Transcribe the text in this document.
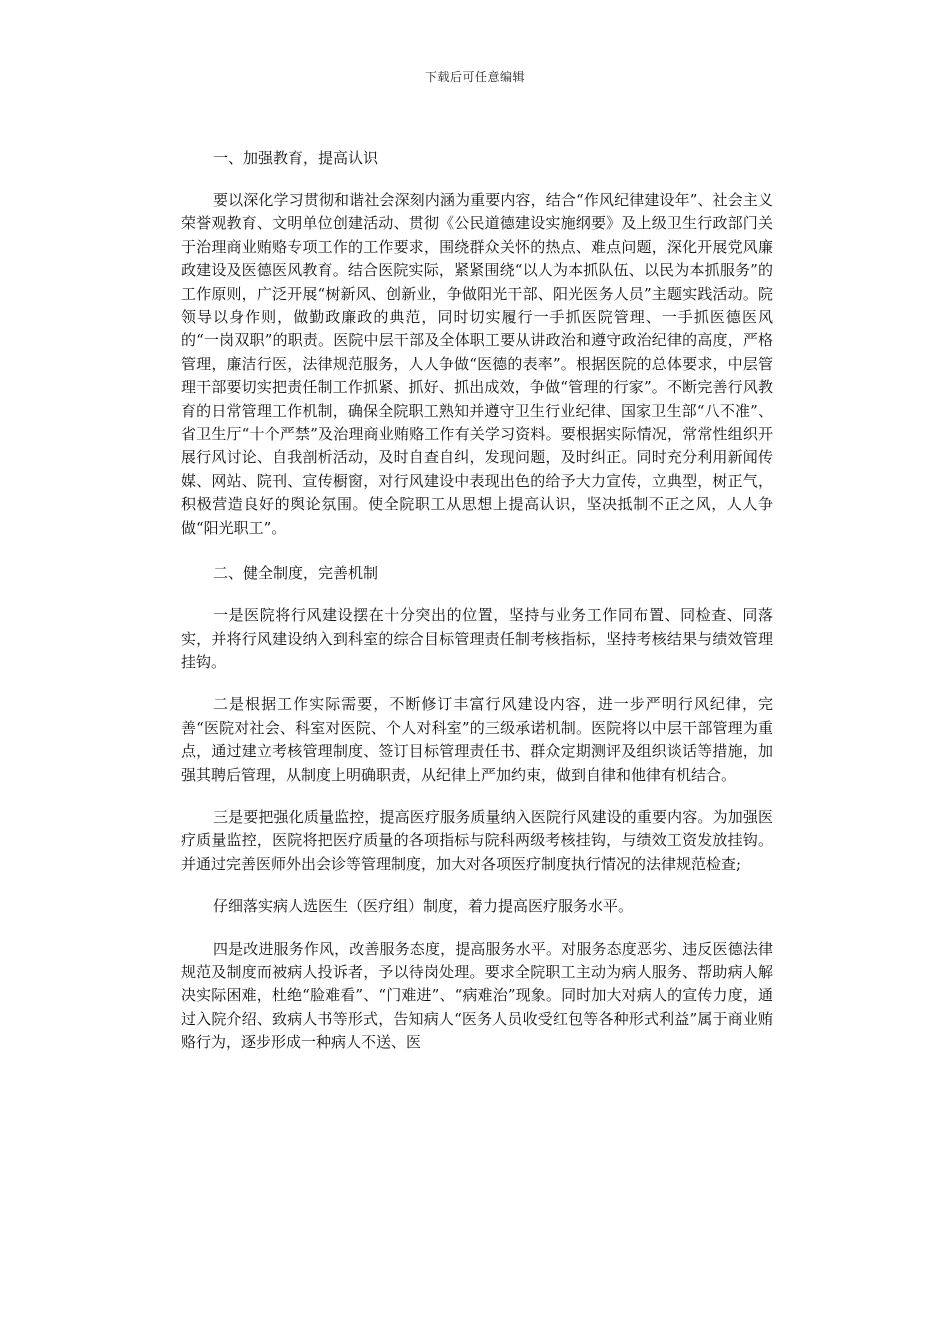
下载后可任意编辑

一、加强教育，提高认识

要以深化学习贯彻和谐社会深刻内涵为重要内容，结合“作风纪律建设年”、社会主义荣誉观教育、文明单位创建活动、贯彻《公民道德建设实施纲要》及上级卫生行政部门关于治理商业贿赂专项工作的工作要求，围绕群众关怀的热点、难点问题，深化开展党风廉政建设及医德医风教育。结合医院实际，紧紧围绕“以人为本抓队伍、以民为本抓服务”的工作原则，广泛开展“树新风、创新业，争做阳光干部、阳光医务人员”主题实践活动。院领导以身作则，做勤政廉政的典范，同时切实履行一手抓医院管理、一手抓医德医风的“一岗双职”的职责。医院中层干部及全体职工要从讲政治和遵守政治纪律的高度，严格管理，廉洁行医，法律规范服务，人人争做“医德的表率”。根据医院的总体要求，中层管理干部要切实把责任制工作抓紧、抓好、抓出成效，争做“管理的行家”。不断完善行风教育的日常管理工作机制，确保全院职工熟知并遵守卫生行业纪律、国家卫生部“八不准”、省卫生厅“十个严禁”及治理商业贿赂工作有关学习资料。要根据实际情况，常常性组织开展行风讨论、自我剖析活动，及时自查自纠，发现问题，及时纠正。同时充分利用新闻传媒、网站、院刊、宣传橱窗，对行风建设中表现出色的给予大力宣传，立典型，树正气，积极营造良好的舆论氛围。使全院职工从思想上提高认识，坚决抵制不正之风，人人争做“阳光职工”。

二、健全制度，完善机制

一是医院将行风建设摆在十分突出的位置，坚持与业务工作同布置、同检查、同落实，并将行风建设纳入到科室的综合目标管理责任制考核指标，坚持考核结果与绩效管理挂钩。

二是根据工作实际需要，不断修订丰富行风建设内容，进一步严明行风纪律，完善“医院对社会、科室对医院、个人对科室”的三级承诺机制。医院将以中层干部管理为重点，通过建立考核管理制度、签订目标管理责任书、群众定期测评及组织谈话等措施，加强其聘后管理，从制度上明确职责，从纪律上严加约束，做到自律和他律有机结合。

三是要把强化质量监控，提高医疗服务质量纳入医院行风建设的重要内容。为加强医疗质量监控，医院将把医疗质量的各项指标与院科两级考核挂钩，与绩效工资发放挂钩。并通过完善医师外出会诊等管理制度，加大对各项医疗制度执行情况的法律规范检查;

仔细落实病人选医生（医疗组）制度，着力提高医疗服务水平。

四是改进服务作风，改善服务态度，提高服务水平。对服务态度恶劣、违反医德法律规范及制度而被病人投诉者，予以待岗处理。要求全院职工主动为病人服务、帮助病人解决实际困难，杜绝“脸难看”、“门难进”、“病难治”现象。同时加大对病人的宣传力度，通过入院介绍、致病人书等形式，告知病人“医务人员收受红包等各种形式利益”属于商业贿赂行为，逐步形成一种病人不送、医
